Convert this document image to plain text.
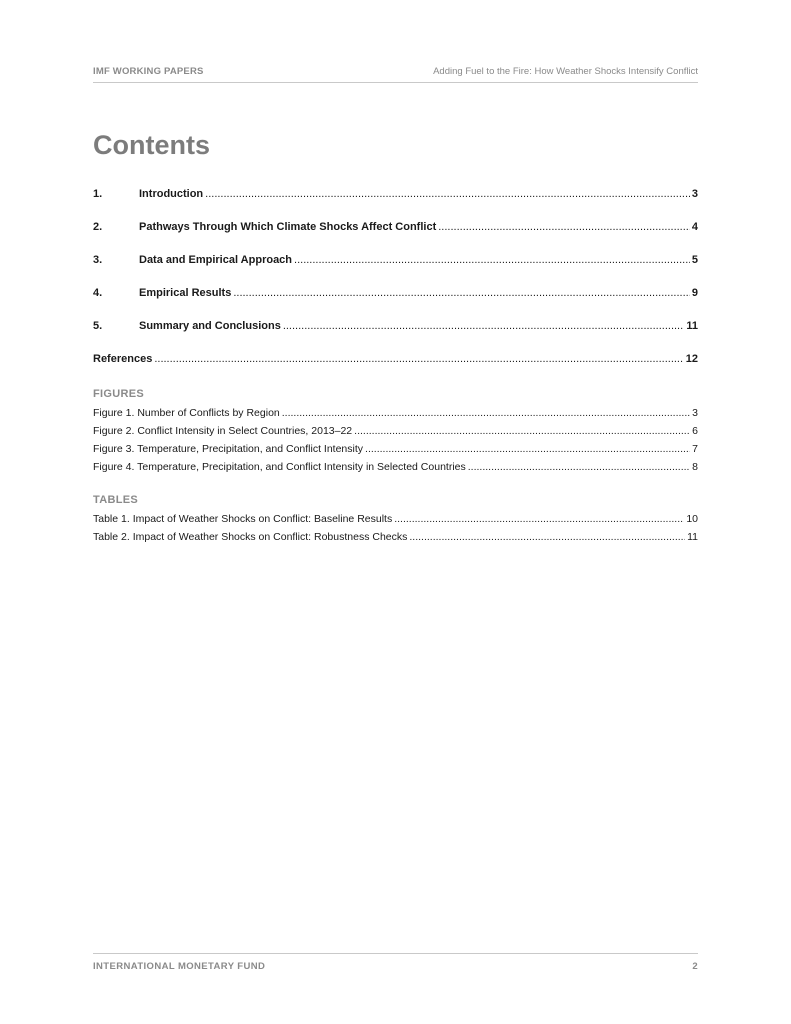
IMF WORKING PAPERS	Adding Fuel to the Fire: How Weather Shocks Intensify Conflict
Contents
1.	Introduction .....	3
2.	Pathways Through Which Climate Shocks Affect Conflict .....	4
3.	Data and Empirical Approach .....	5
4.	Empirical Results .....	9
5.	Summary and Conclusions .....	11
References .....	12
FIGURES
Figure 1. Number of Conflicts by Region .....	3
Figure 2. Conflict Intensity in Select Countries, 2013–22 .....	6
Figure 3. Temperature, Precipitation, and Conflict Intensity .....	7
Figure 4. Temperature, Precipitation, and Conflict Intensity in Selected Countries .....	8
TABLES
Table 1. Impact of Weather Shocks on Conflict: Baseline Results .....	10
Table 2. Impact of Weather Shocks on Conflict: Robustness Checks .....	11
INTERNATIONAL MONETARY FUND	2
